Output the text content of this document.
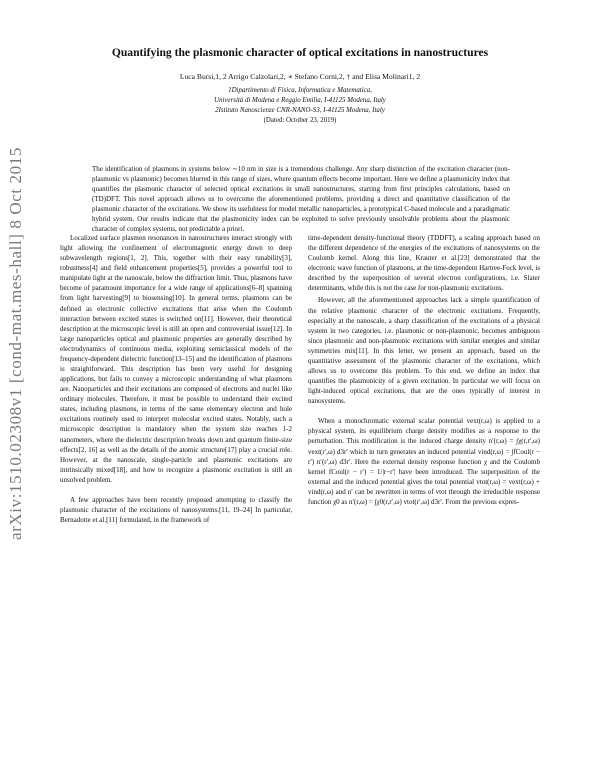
arXiv:1510.02308v1 [cond-mat.mes-hall] 8 Oct 2015
Quantifying the plasmonic character of optical excitations in nanostructures
Luca Bursi,1, 2 Arrigo Calzolari,2, ∗ Stefano Corni,2, † and Elisa Molinari1, 2
1Dipartimento di Fisica, Informatica e Matematica,
Università di Modena e Reggio Emilia, I-41125 Modena, Italy
2Istituto Nanoscienze CNR-NANO-S3, I-41125 Modena, Italy
(Dated: October 23, 2019)
The identification of plasmons in systems below ∼10 nm in size is a tremendous challenge. Any sharp distinction of the excitation character (non-plasmonic vs plasmonic) becomes blurred in this range of sizes, where quantum effects become important. Here we define a plasmonicity index that quantifies the plasmonic character of selected optical excitations in small nanostructures, starting from first principles calculations, based on (TD)DFT. This novel approach allows us to overcome the aforementioned problems, providing a direct and quantitative classification of the plasmonic character of the excitations. We show its usefulness for model metallic nanoparticles, a prototypical C-based molecule and a paradigmatic hybrid system. Our results indicate that the plasmonicity index can be exploited to solve previously unsolvable problems about the plasmonic character of complex systems, not predictable a priori.

Localized surface plasmon resonances in nanostructures interact strongly with light allowing the confinement of electromagnetic energy down to deep subwavelength regions[1, 2]. This, together with their easy tunability[3], robustness[4] and field enhancement properties[5], provides a powerful tool to manipulate light at the nanoscale, below the diffraction limit. Thus, plasmons have become of paramount importance for a wide range of applications[6–8] spanning from light harvesting[9] to biosensing[10]. In general terms, plasmons can be defined as electronic collective excitations that arise when the Coulomb interaction between excited states is switched on[11]. However, their theoretical description at the microscopic level is still an open and controversial issue[12]. In large nanoparticles optical and plasmonic properties are generally described by electrodynamics of continuous media, exploiting semiclassical models of the frequency-dependent dielectric function[13–15] and the identification of plasmons is straightforward. This description has been very useful for designing applications, but fails to convey a microscopic understanding of what plasmons are. Nanoparticles and their excitations are composed of electrons and nuclei like ordinary molecules. Therefore, it must be possible to understand their excited states, including plasmons, in terms of the same elementary electron and hole excitations routinely used to interpret molecular excited states. Notably, such a microscopic description is mandatory when the system size reaches 1-2 nanometers, where the dielectric description breaks down and quantum finite-size effects[2, 16] as well as the details of the atomic structure[17] play a crucial role. However, at the nanoscale, single-particle and plasmonic excitations are intrinsically mixed[18], and how to recognize a plasmonic excitation is still an unsolved problem.

A few approaches have been recently proposed attempting to classify the plasmonic character of the excitations of nanosystems.[11, 19–24] In particular, Bernadotte et al.[11] formulated, in the framework of

time-dependent density-functional theory (TDDFT), a scaling approach based on the different dependence of the energies of the excitations of nanosystems on the Coulomb kernel. Along this line, Krauter et al.[23] demonstrated that the electronic wave function of plasmons, at the time-dependent Hartree-Fock level, is described by the superposition of several electron configurations, i.e. Slater determinants, while this is not the case for non-plasmonic excitations.

However, all the aforementioned approaches lack a simple quantification of the relative plasmonic character of the electronic excitations. Frequently, especially at the nanoscale, a sharp classification of the excitations of a physical system in two categories, i.e. plasmonic or non-plasmonic, becomes ambiguous since plasmonic and non-plasmonic excitations with similar energies and similar symmetries mix[11]. In this letter, we present an approach, based on the quantitative assessment of the plasmonic character of the excitations, which allows us to overcome this problem. To this end, we define an index that quantifies the plasmonicity of a given excitation. In particular we will focus on light-induced optical excitations, that are the ones typically of interest in nanosystems.

When a monochromatic external scalar potential vext(r,ω) is applied to a physical system, its equilibrium charge density modifies as a response to the perturbation. This modification is the induced charge density n′(r,ω) = ∫χ(r,r′,ω) vext(r′,ω) d3r′ which in turn generates an induced potential vind(r,ω) = ∫fCoul(r − r′) n′(r′,ω) d3r′. Here the external density response function χ and the Coulomb kernel fCoul(r − r′) = 1/|r−r′| have been introduced. The superposition of the external and the induced potential gives the total potential vtot(r,ω) = vext(r,ω) + vind(r,ω) and n′ can be rewritten in terms of vtot through the irreducible response function χ0 as n′(r,ω) = ∫χ0(r,r′,ω) vtot(r′,ω) d3r′. From the previous expres-
